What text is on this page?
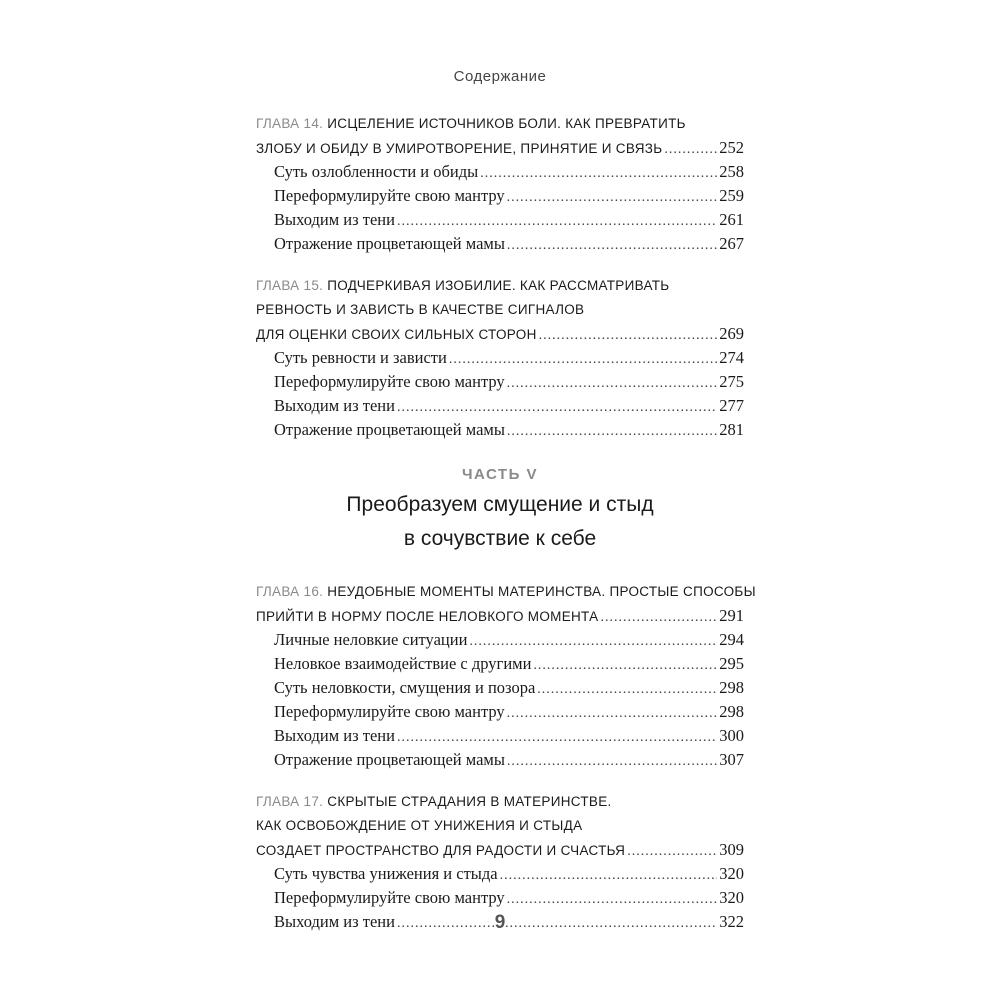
Содержание
ГЛАВА 14. ИСЦЕЛЕНИЕ ИСТОЧНИКОВ БОЛИ. КАК ПРЕВРАТИТЬ
ЗЛОБУ И ОБИДУ В УМИРОТВОРЕНИЕ, ПРИНЯТИЕ И СВЯЗЬ .....	252
Суть озлобленности и обиды .....	258
Переформулируйте свою мантру .....	259
Выходим из тени .....	261
Отражение процветающей мамы .....	267
ГЛАВА 15. ПОДЧЕРКИВАЯ ИЗОБИЛИЕ. КАК РАССМАТРИВАТЬ
РЕВНОСТЬ И ЗАВИСТЬ В КАЧЕСТВЕ СИГНАЛОВ
ДЛЯ ОЦЕНКИ СВОИХ СИЛЬНЫХ СТОРОН .....	269
Суть ревности и зависти .....	274
Переформулируйте свою мантру .....	275
Выходим из тени .....	277
Отражение процветающей мамы .....	281
ЧАСТЬ V
Преобразуем смущение и стыд
в сочувствие к себе
ГЛАВА 16. НЕУДОБНЫЕ МОМЕНТЫ МАТЕРИНСТВА. ПРОСТЫЕ СПОСОБЫ
ПРИЙТИ В НОРМУ ПОСЛЕ НЕЛОВКОГО МОМЕНТА .....	291
Личные неловкие ситуации .....	294
Неловкое взаимодействие с другими .....	295
Суть неловкости, смущения и позора .....	298
Переформулируйте свою мантру .....	298
Выходим из тени .....	300
Отражение процветающей мамы .....	307
ГЛАВА 17. СКРЫТЫЕ СТРАДАНИЯ В МАТЕРИНСТВЕ.
КАК ОСВОБОЖДЕНИЕ ОТ УНИЖЕНИЯ И СТЫДА
СОЗДАЕТ ПРОСТРАНСТВО ДЛЯ РАДОСТИ И СЧАСТЬЯ .....	309
Суть чувства унижения и стыда .....	320
Переформулируйте свою мантру .....	320
Выходим из тени .....	322
9
